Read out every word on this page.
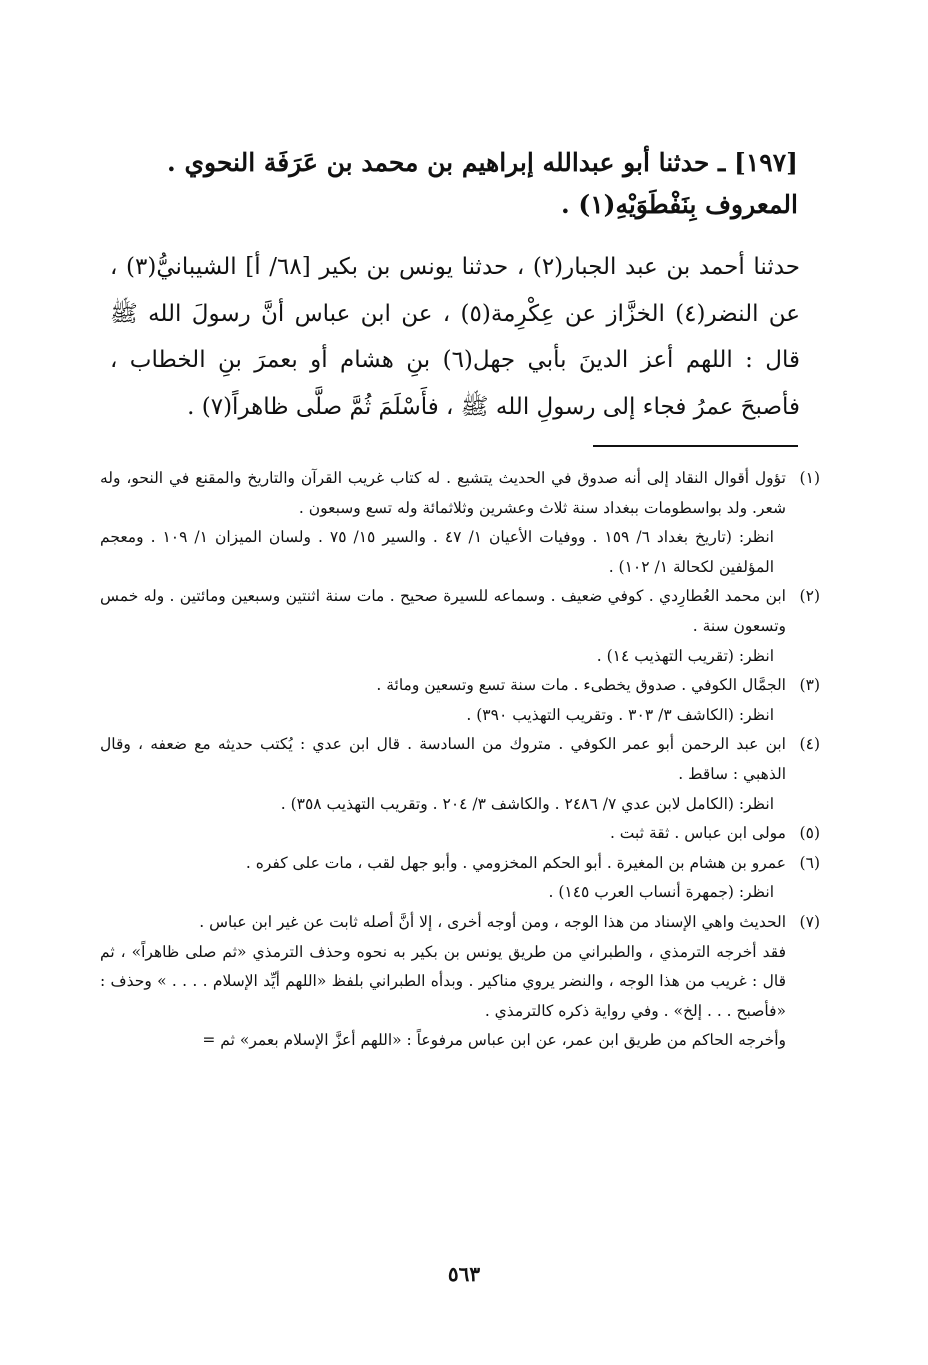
[١٩٧] ـ حدثنا أبو عبدالله إبراهيم بن محمد بن عَرَفَة النحوي .
المعروف بِنَفْطَوَيْهِ(١) .
حدثنا أحمد بن عبد الجبار(٢) ، حدثنا يونس بن بكير [٦٨/ أ] الشيبانيُّ(٣) ، عن النضر(٤) الخزَّاز عن عِكْرِمة(٥) ، عن ابن عباس أنَّ رسولَ الله ﷺ قال : اللهم أعز الدينَ بأبي جهل(٦) بنِ هشام أو بعمرَ بنِ الخطاب ، فأصبحَ عمرُ فجاء إلى رسولِ الله ﷺ ، فأَسْلَمَ ثُمَّ صلَّى ظاهراً(٧) .

(١)
تؤول أقوال النقاد إلى أنه صدوق في الحديث يتشيع . له كتاب غريب القرآن والتاريخ والمقنع في النحو، وله شعر. ولد بواسطومات ببغداد سنة ثلاث وعشرين وثلاثمائة وله تسع وسبعون .

انظر: (تاريخ بغداد ٦/ ١٥٩ . ووفيات الأعيان ١/ ٤٧ . والسير ١٥/ ٧٥ . ولسان الميزان ١/ ١٠٩ . ومعجم المؤلفين لكحالة ١/ ١٠٢) .

(٢)
ابن محمد العُطارِدي . كوفي ضعيف . وسماعه للسيرة صحيح . مات سنة اثنتين وسبعين ومائتين . وله خمس وتسعون سنة .

انظر: (تقريب التهذيب ١٤) .

(٣)
الجمَّال الكوفي . صدوق يخطىء . مات سنة تسع وتسعين ومائة .

انظر: (الكاشف ٣/ ٣٠٣ . وتقريب التهذيب ٣٩٠) .

(٤)
ابن عبد الرحمن أبو عمر الكوفي . متروك من السادسة . قال ابن عدي : يُكتب حديثه مع ضعفه ، وقال الذهبي : ساقط .

انظر: (الكامل لابن عدي ٧/ ٢٤٨٦ . والكاشف ٣/ ٢٠٤ . وتقريب التهذيب ٣٥٨) .

(٥)
مولى ابن عباس . ثقة ثبت .

(٦)
عمرو بن هشام بن المغيرة . أبو الحكم المخزومي . وأبو جهل لقب ، مات على كفره .

انظر: (جمهرة أنساب العرب ١٤٥) .

(٧)
الحديث واهي الإسناد من هذا الوجه ، ومن أوجه أخرى ، إلا أنَّ أصله ثابت عن غير ابن عباس .

فقد أخرجه الترمذي ، والطبراني من طريق يونس بن بكير به نحوه وحذف الترمذي «ثم صلى ظاهراً» ، ثم قال : غريب من هذا الوجه ، والنضر يروي مناكير . وبدأه الطبراني بلفظ «اللهم أيِّد الإسلام . . . . » وحذف : «فأصبح . . . إلخ» . وفي رواية ذكره كالترمذي .

وأخرجه الحاكم من طريق ابن عمر، عن ابن عباس مرفوعاً : «اللهم أعزَّ الإسلام بعمر» ثم =

٥٦٣
